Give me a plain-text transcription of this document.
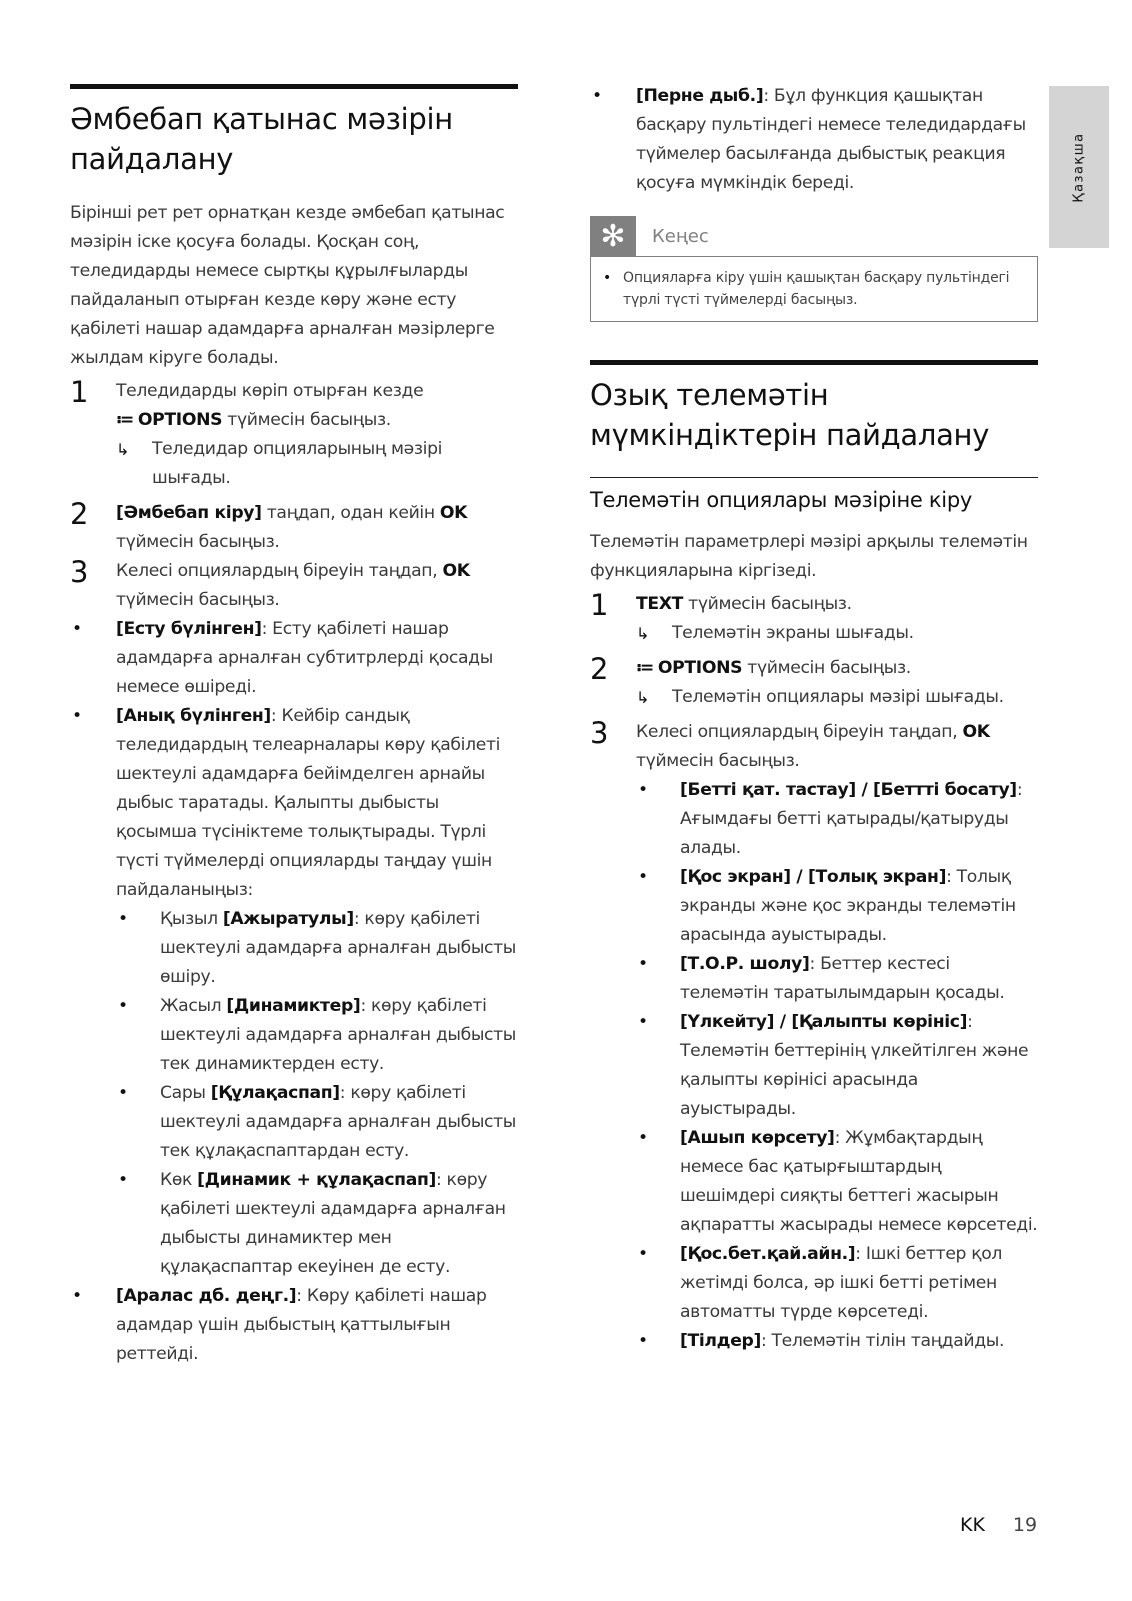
Қазақша
Әмбебап қатынас мәзірін пайдалану

Бірінші рет рет орнатқан кезде әмбебап қатынас мәзірін іске қосуға болады. Қосқан соң, теледидарды немесе сыртқы құрылғыларды пайдаланып отырған кезде көру және есту қабілеті нашар адамдарға арналған мәзірлерге жылдам кіруге болады.

1 Теледидарды көріп отырған кезде
≔ OPTIONS түймесін басыңыз.
↳ Теледидар опцияларының мәзірі шығады.
2 [Әмбебап кіру] таңдап, одан кейін OK түймесін басыңыз.
3 Келесі опциялардың біреуін таңдап, OK түймесін басыңыз.
• [Есту бүлінген]: Есту қабілеті нашар адамдарға арналған субтитрлерді қосады немесе өшіреді.
• [Анық бүлінген]: Кейбір сандық теледидардың телеарналары көру қабілеті шектеулі адамдарға бейімделген арнайы дыбыс таратады. Қалыпты дыбысты қосымша түсініктеме толықтырады. Түрлі түсті түймелерді опцияларды таңдау үшін пайдаланыңыз:
• Қызыл [Ажыратулы]: көру қабілеті шектеулі адамдарға арналған дыбысты өшіру.
• Жасыл [Динамиктер]: көру қабілеті шектеулі адамдарға арналған дыбысты тек динамиктерден есту.
• Сары [Құлақаспап]: көру қабілеті шектеулі адамдарға арналған дыбысты тек құлақаспаптардан есту.
• Көк [Динамик + құлақаспап]: көру қабілеті шектеулі адамдарға арналған дыбысты динамиктер мен құлақаспаптар екеуінен де есту.
• [Аралас дб. деңг.]: Көру қабілеті нашар адамдар үшін дыбыстың қаттылығын реттейді.
• [Перне дыб.]: Бұл функция қашықтан басқару пультіндегі немесе теледидардағы түймелер басылғанда дыбыстық реакция қосуға мүмкіндік береді.
✻	Кеңес
• Опцияларға кіру үшін қашықтан басқару пультіндегі түрлі түсті түймелерді басыңыз.
Озық телемәтін мүмкіндіктерін пайдалану
Телемәтін опциялары мәзіріне кіру

Телемәтін параметрлері мәзірі арқылы телемәтін функцияларына кіргізеді.

1 TEXT түймесін басыңыз.
↳ Телемәтін экраны шығады.
2 ≔ OPTIONS түймесін басыңыз.
↳ Телемәтін опциялары мәзірі шығады.
3 Келесі опциялардың біреуін таңдап, OK түймесін басыңыз.
• [Бетті қат. тастау] / [Беттті босату]: Ағымдағы бетті қатырады/қатыруды алады.
• [Қос экран] / [Толық экран]: Толық экранды және қос экранды телемәтін арасында ауыстырады.
• [Т.О.Р. шолу]: Беттер кестесі телемәтін таратылымдарын қосады.
• [Үлкейту] / [Қалыпты көрініс]: Телемәтін беттерінің үлкейтілген және қалыпты көрінісі арасында ауыстырады.
• [Ашып көрсету]: Жұмбақтардың немесе бас қатырғыштардың шешімдері сияқты беттегі жасырын ақпаратты жасырады немесе көрсетеді.
• [Қос.бет.қай.айн.]: Ішкі беттер қол жетімді болса, әр ішкі бетті ретімен автоматты түрде көрсетеді.
• [Тілдер]: Телемәтін тілін таңдайды.
KK 19
